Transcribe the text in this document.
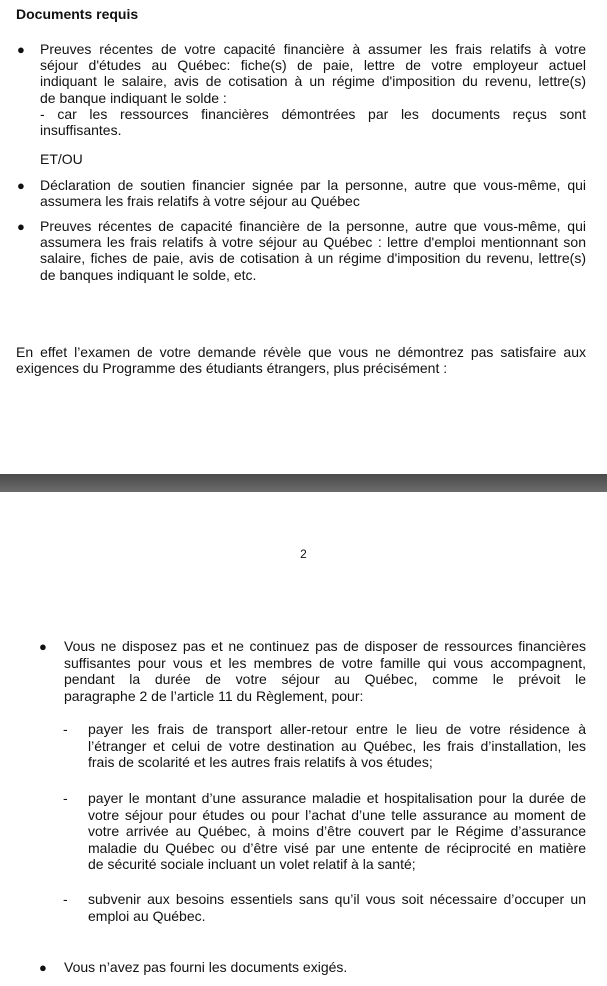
Documents requis
● Preuves récentes de votre capacité financière à assumer les frais relatifs à votre
séjour d'études au Québec: fiche(s) de paie, lettre de votre employeur actuel
indiquant le salaire, avis de cotisation à un régime d'imposition du revenu, lettre(s)
de banque indiquant le solde :
- car les ressources financières démontrées par les documents reçus sont
insuffisantes.
ET/OU
● Déclaration de soutien financier signée par la personne, autre que vous-même, qui
assumera les frais relatifs à votre séjour au Québec
● Preuves récentes de capacité financière de la personne, autre que vous-même, qui
assumera les frais relatifs à votre séjour au Québec : lettre d'emploi mentionnant son
salaire, fiches de paie, avis de cotisation à un régime d'imposition du revenu, lettre(s)
de banques indiquant le solde, etc.
En effet l’examen de votre demande révèle que vous ne démontrez pas satisfaire aux
exigences du Programme des étudiants étrangers, plus précisément :
2
● Vous ne disposez pas et ne continuez pas de disposer de ressources financières
suffisantes pour vous et les membres de votre famille qui vous accompagnent,
pendant la durée de votre séjour au Québec, comme le prévoit le
paragraphe 2 de l’article 11 du Règlement, pour:
- payer les frais de transport aller-retour entre le lieu de votre résidence à
l’étranger et celui de votre destination au Québec, les frais d’installation, les
frais de scolarité et les autres frais relatifs à vos études;
- payer le montant d’une assurance maladie et hospitalisation pour la durée de
votre séjour pour études ou pour l’achat d’une telle assurance au moment de
votre arrivée au Québec, à moins d’être couvert par le Régime d’assurance
maladie du Québec ou d’être visé par une entente de réciprocité en matière
de sécurité sociale incluant un volet relatif à la santé;
- subvenir aux besoins essentiels sans qu’il vous soit nécessaire d’occuper un
emploi au Québec.
● Vous n’avez pas fourni les documents exigés.
